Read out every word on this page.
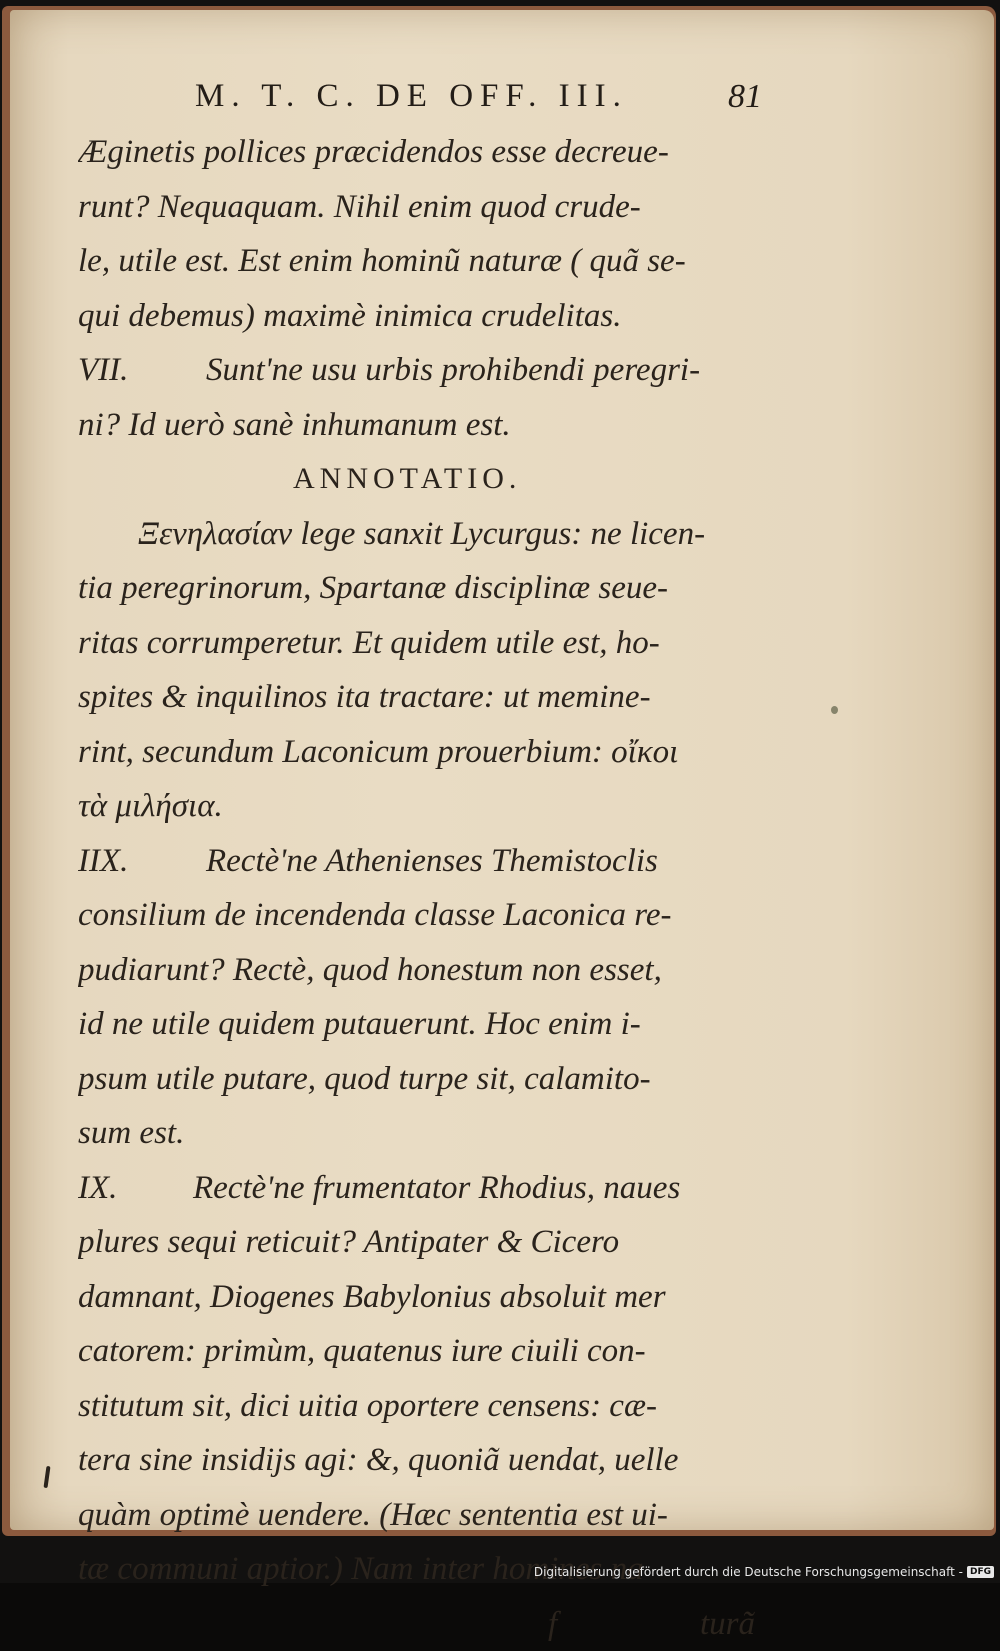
M. T. C. DE OFF. III.	81
Æginetis pollices præcidendos esse decreue-
runt? Nequaquam. Nihil enim quod crude-
le, utile est. Est enim hominũ naturæ ( quã se-
qui debemus) maximè inimica crudelitas.
VII. Sunt'ne usu urbis prohibendi peregri-
ni? Id uerò sanè inhumanum est.
ANNOTATIO.
Ξενηλασίαν lege sanxit Lycurgus: ne licen-
tia peregrinorum, Spartanæ disciplinæ seue-
ritas corrumperetur. Et quidem utile est, ho-
spites & inquilinos ita tractare: ut memine-
rint, secundum Laconicum prouerbium: οἴκοι
τὰ μιλήσια.
IIX. Rectè'ne Athenienses Themistoclis
consilium de incendenda classe Laconica re-
pudiarunt? Rectè, quod honestum non esset,
id ne utile quidem putauerunt. Hoc enim i-
psum utile putare, quod turpe sit, calamito-
sum est.
IX. Rectè'ne frumentator Rhodius, naues
plures sequi reticuit? Antipater & Cicero
damnant, Diogenes Babylonius absoluit mer
catorem: primùm, quatenus iure ciuili con-
stitutum sit, dici uitia oportere censens: cæ-
tera sine insidijs agi: &, quoniã uendat, uelle
quàm optimè uendere. (Hæc sententia est ui-
tæ communi aptior.) Nam inter homines na
f	turã
Digitalisierung gefördert durch die Deutsche Forschungsgemeinschaft - DFG
